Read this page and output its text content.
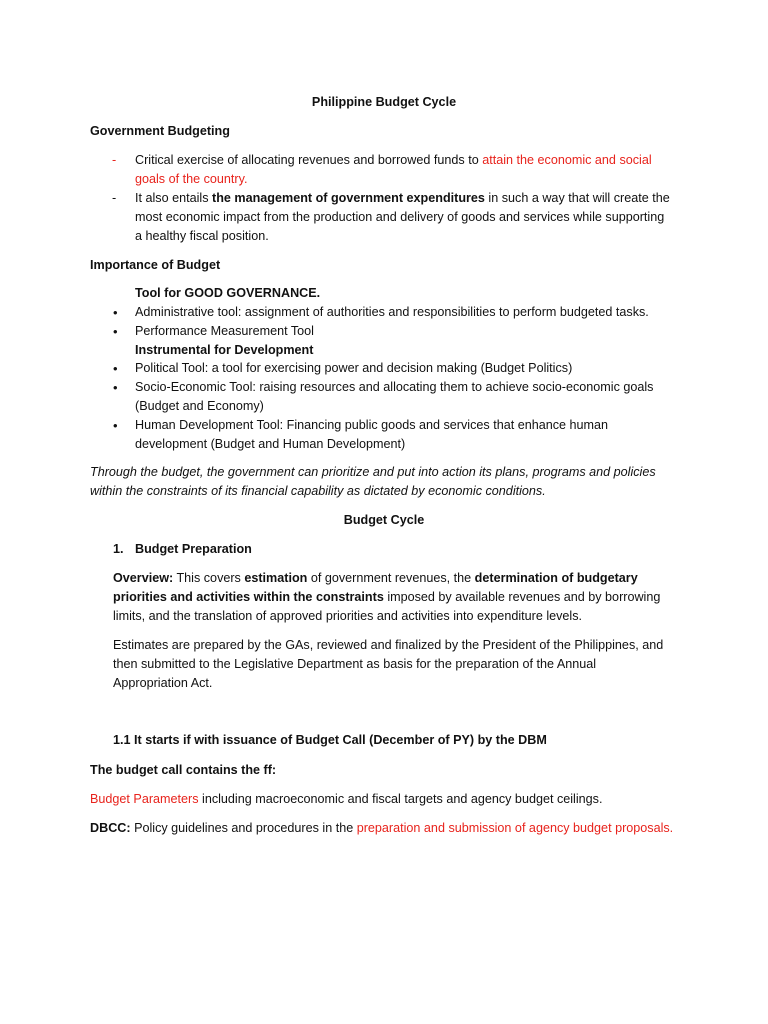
Philippine Budget Cycle
Government Budgeting
- Critical exercise of allocating revenues and borrowed funds to attain the economic and social
goals of the country.
- It also entails the management of government expenditures in such a way that will create the
most economic impact from the production and delivery of goods and services while supporting
a healthy fiscal position.
Importance of Budget
Tool for GOOD GOVERNANCE.
• Administrative tool: assignment of authorities and responsibilities to perform budgeted tasks.
• Performance Measurement Tool
Instrumental for Development
• Political Tool: a tool for exercising power and decision making (Budget Politics)
• Socio-Economic Tool: raising resources and allocating them to achieve socio-economic goals
(Budget and Economy)
• Human Development Tool: Financing public goods and services that enhance human
development (Budget and Human Development)
Through the budget, the government can prioritize and put into action its plans, programs and policies
within the constraints of its financial capability as dictated by economic conditions.
Budget Cycle
1. Budget Preparation
Overview: This covers estimation of government revenues, the determination of budgetary
priorities and activities within the constraints imposed by available revenues and by borrowing
limits, and the translation of approved priorities and activities into expenditure levels.
Estimates are prepared by the GAs, reviewed and finalized by the President of the Philippines, and
then submitted to the Legislative Department as basis for the preparation of the Annual
Appropriation Act.
1.1 It starts if with issuance of Budget Call (December of PY) by the DBM
The budget call contains the ff:
Budget Parameters including macroeconomic and fiscal targets and agency budget ceilings.
DBCC: Policy guidelines and procedures in the preparation and submission of agency budget proposals.
